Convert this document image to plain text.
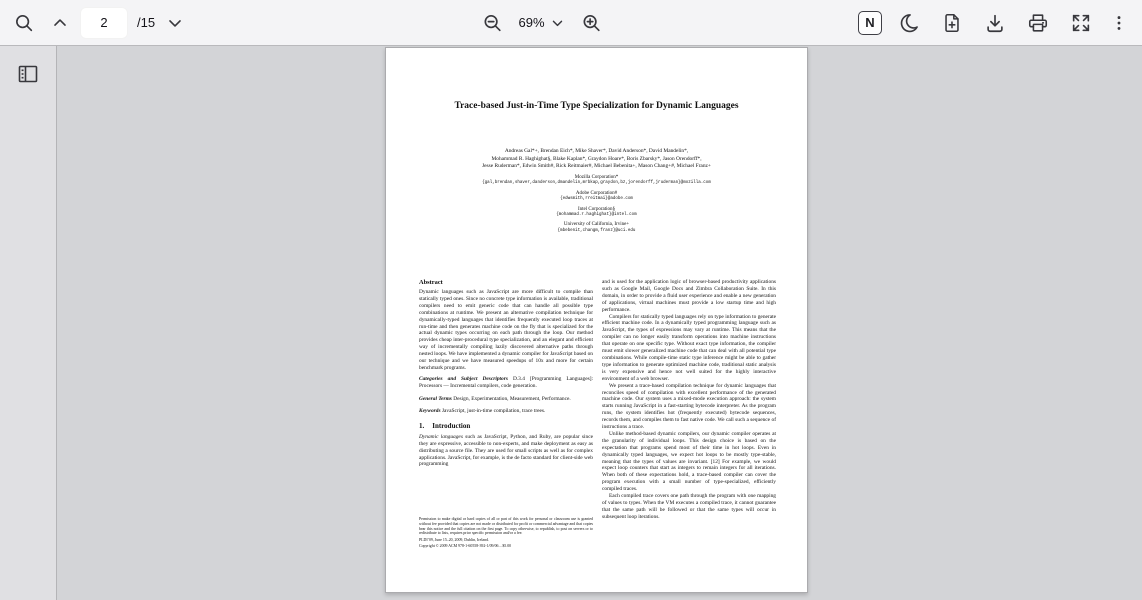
2
/15	69%	N
Trace-based Just-in-Time Type Specialization for Dynamic Languages
Andreas Gal*+, Brendan Eich*, Mike Shaver*, David Anderson*, David Mandelin*,
Mohammad R. Haghighat§, Blake Kaplan*, Graydon Hoare*, Boris Zbarsky*, Jason Orendorff*,
Jesse Ruderman*, Edwin Smith#, Rick Reitmaier#, Michael Bebenita+, Mason Chang+#, Michael Franz+
Mozilla Corporation*
{gal,brendan,shaver,danderson,dmandelin,mrbkap,graydon,bz,jorendorff,jruderman}@mozilla.com
Adobe Corporation#
{edwsmith,rreitmai}@adobe.com
Intel Corporation§
{mohammad.r.haghighat}@intel.com
University of California, Irvine+
{mbebenit,changm,franz}@uci.edu
Abstract

Dynamic languages such as JavaScript are more difficult to compile than statically typed ones. Since no concrete type information is available, traditional compilers need to emit generic code that can handle all possible type combinations at runtime. We present an alternative compilation technique for dynamically-typed languages that identifies frequently executed loop traces at run-time and then generates machine code on the fly that is specialized for the actual dynamic types occurring on each path through the loop. Our method provides cheap inter-procedural type specialization, and an elegant and efficient way of incrementally compiling lazily discovered alternative paths through nested loops. We have implemented a dynamic compiler for JavaScript based on our technique and we have measured speedups of 10x and more for certain benchmark programs.

Categories and Subject Descriptors D.3.4 [Programming Languages]: Processors — Incremental compilers, code generation.

General Terms Design, Experimentation, Measurement, Performance.

Keywords JavaScript, just-in-time compilation, trace trees.

1. Introduction

Dynamic languages such as JavaScript, Python, and Ruby, are popular since they are expressive, accessible to non-experts, and make deployment as easy as distributing a source file. They are used for small scripts as well as for complex applications. JavaScript, for example, is the de facto standard for client-side web programming

Permission to make digital or hard copies of all or part of this work for personal or classroom use is granted without fee provided that copies are not made or distributed for profit or commercial advantage and that copies bear this notice and the full citation on the first page. To copy otherwise, to republish, to post on servers or to redistribute to lists, requires prior specific permission and/or a fee.
PLDI’09, June 15–20, 2009, Dublin, Ireland.
Copyright © 2009 ACM 978-1-60558-392-1/09/06…$5.00

and is used for the application logic of browser-based productivity applications such as Google Mail, Google Docs and Zimbra Collaboration Suite. In this domain, in order to provide a fluid user experience and enable a new generation of applications, virtual machines must provide a low startup time and high performance.

Compilers for statically typed languages rely on type information to generate efficient machine code. In a dynamically typed programming language such as JavaScript, the types of expressions may vary at runtime. This means that the compiler can no longer easily transform operations into machine instructions that operate on one specific type. Without exact type information, the compiler must emit slower generalized machine code that can deal with all potential type combinations. While compile-time static type inference might be able to gather type information to generate optimized machine code, traditional static analysis is very expensive and hence not well suited for the highly interactive environment of a web browser.

We present a trace-based compilation technique for dynamic languages that reconciles speed of compilation with excellent performance of the generated machine code. Our system uses a mixed-mode execution approach: the system starts running JavaScript in a fast-starting bytecode interpreter. As the program runs, the system identifies hot (frequently executed) bytecode sequences, records them, and compiles them to fast native code. We call such a sequence of instructions a trace.

Unlike method-based dynamic compilers, our dynamic compiler operates at the granularity of individual loops. This design choice is based on the expectation that programs spend most of their time in hot loops. Even in dynamically typed languages, we expect hot loops to be mostly type-stable, meaning that the types of values are invariant. [12] For example, we would expect loop counters that start as integers to remain integers for all iterations. When both of these expectations hold, a trace-based compiler can cover the program execution with a small number of type-specialized, efficiently compiled traces.

Each compiled trace covers one path through the program with one mapping of values to types. When the VM executes a compiled trace, it cannot guarantee that the same path will be followed or that the same types will occur in subsequent loop iterations.
